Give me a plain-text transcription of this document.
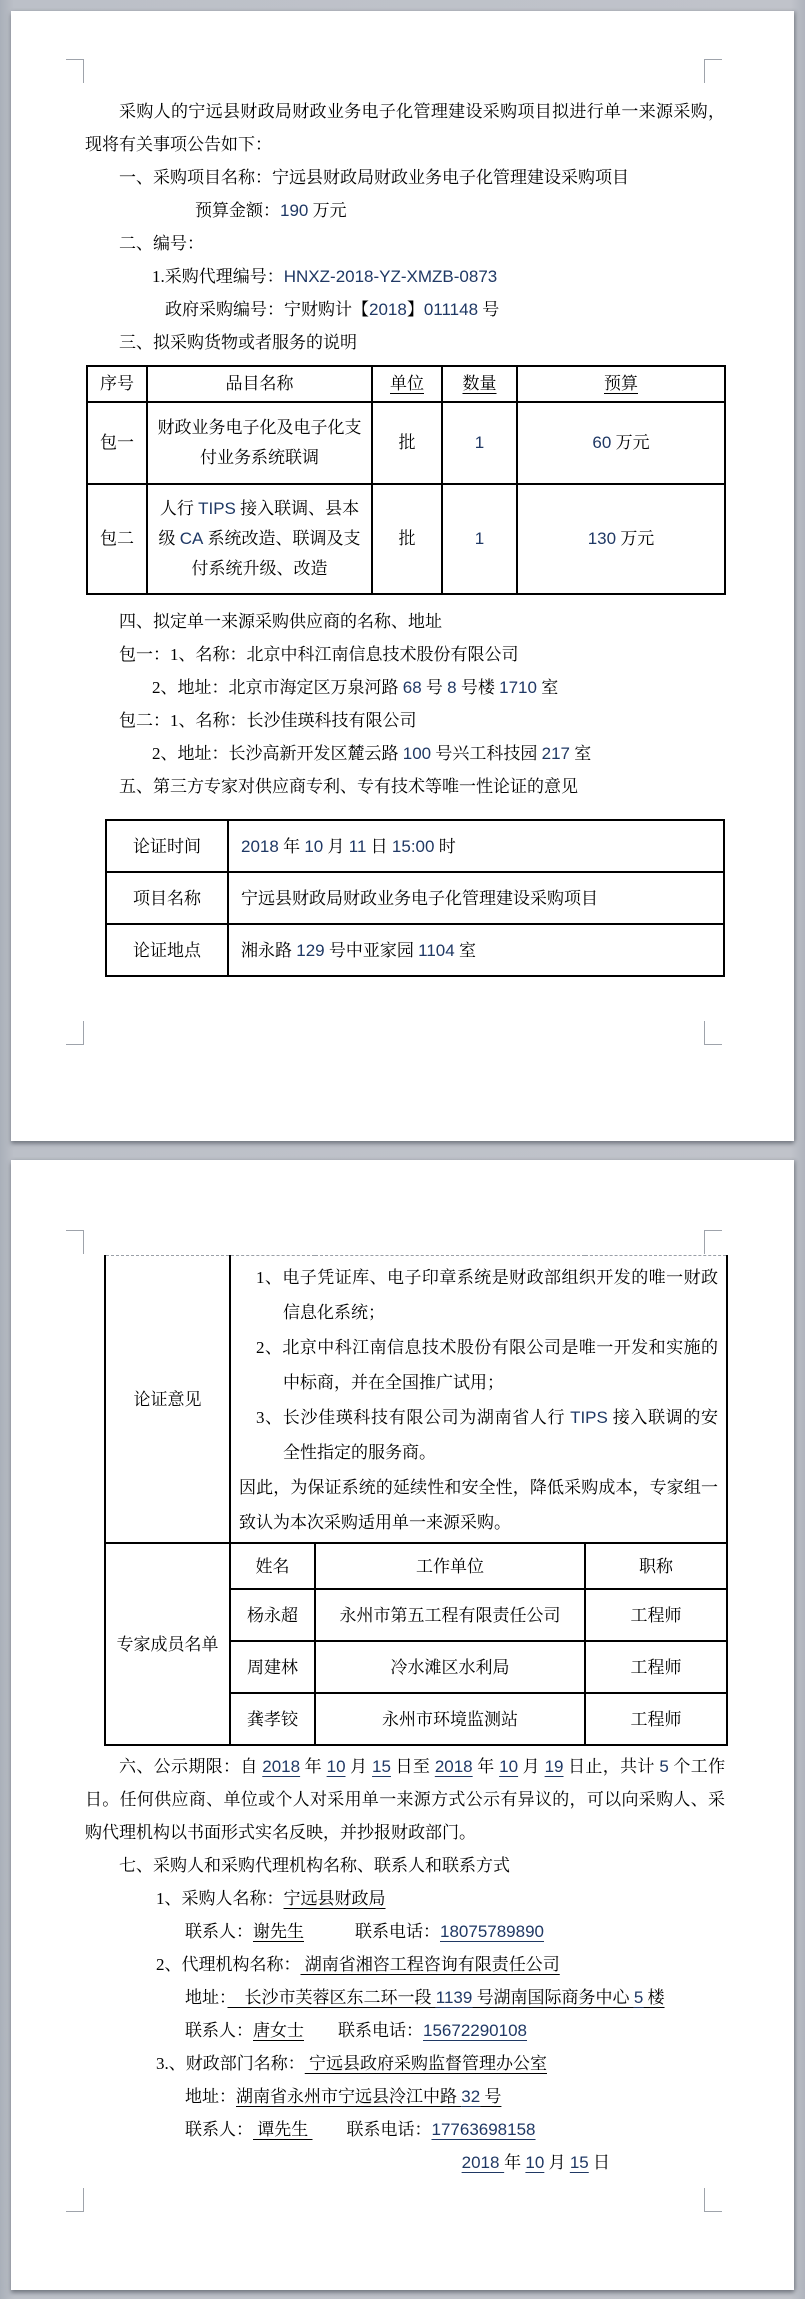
采购人的宁远县财政局财政业务电子化管理建设采购项目拟进行单一来源采购，现将有关事项公告如下：
一、采购项目名称：宁远县财政局财政业务电子化管理建设采购项目
预算金额：190 万元
二、编号：
1.采购代理编号：HNXZ-2018-YZ-XMZB-0873
政府采购编号：宁财购计【2018】011148 号
三、拟采购货物或者服务的说明
序号	品目名称	单位	数量	预算
包一	财政业务电子化及电子化支付业务系统联调	批	1	60 万元
包二	人行 TIPS 接入联调、县本级 CA 系统改造、联调及支付系统升级、改造	批	1	130 万元
四、拟定单一来源采购供应商的名称、地址
包一：1、名称：北京中科江南信息技术股份有限公司
2、地址：北京市海定区万泉河路 68 号 8 号楼 1710 室
包二：1、名称：长沙佳瑛科技有限公司
2、地址：长沙高新开发区麓云路 100 号兴工科技园 217 室
五、第三方专家对供应商专利、专有技术等唯一性论证的意见
论证时间	2018 年 10 月 11 日 15:00 时
项目名称	宁远县财政局财政业务电子化管理建设采购项目
论证地点	湘永路 129 号中亚家园 1104 室
论证意见	1、电子凭证库、电子印章系统是财政部组织开发的唯一财政信息化系统；
2、北京中科江南信息技术股份有限公司是唯一开发和实施的中标商，并在全国推广试用；
3、长沙佳瑛科技有限公司为湖南省人行 TIPS 接入联调的安全性指定的服务商。
因此，为保证系统的延续性和安全性，降低采购成本，专家组一致认为本次采购适用单一来源采购。		

专家成员名单	姓名	工作单位	职称
	杨永超	永州市第五工程有限责任公司	工程师
	周建林	冷水滩区水利局	工程师
	龚孝铰	永州市环境监测站	工程师
六、公示期限：自 2018 年 10 月 15 日至 2018 年 10 月 19 日止，共计 5 个工作日。任何供应商、单位或个人对采用单一来源方式公示有异议的，可以向采购人、采购代理机构以书面形式实名反映，并抄报财政部门。
七、采购人和采购代理机构名称、联系人和联系方式
1、采购人名称：宁远县财政局
联系人：谢先生　　　	联系电话：18075789890
2、代理机构名称： 湖南省湘咨工程咨询有限责任公司
地址：　长沙市芙蓉区东二环一段 1139 号湖南国际商务中心 5 楼
联系人：唐女士　　 联系电话：15672290108
3.、财政部门名称： 宁远县政府采购监督管理办公室
地址：湖南省永州市宁远县泠江中路 32 号
联系人： 谭先生 　　联系电话：17763698158
2018 年 10 月 15 日
